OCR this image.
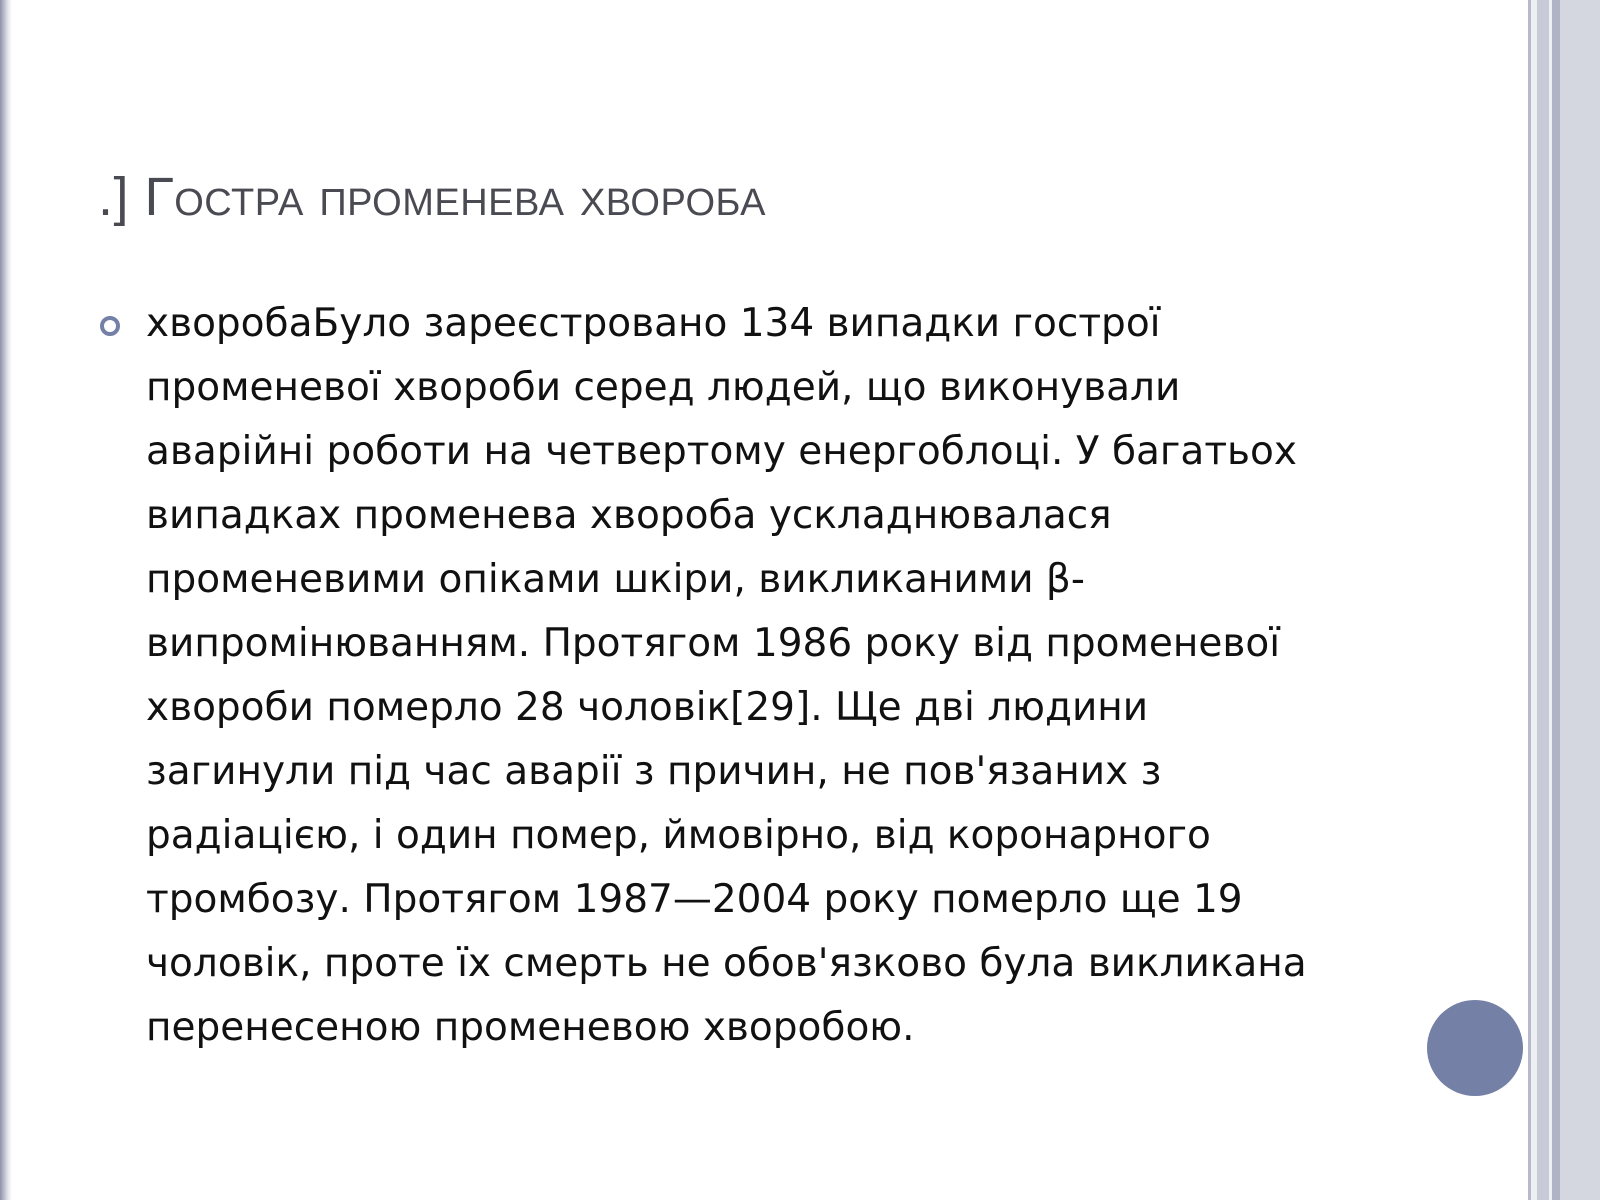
.] Гостра променева хвороба

хворобаБуло зареєстровано 134 випадки гострої променевої хвороби серед людей, що виконували аварійні роботи на четвертому енергоблоці. У багатьох випадках променева хвороба ускладнювалася променевими опіками шкіри, викликаними β-випромінюванням. Протягом 1986 року від променевої хвороби померло 28 чоловік[29]. Ще дві людини загинули під час аварії з причин, не пов'язаних з радіацією, і один помер, ймовірно, від коронарного тромбозу. Протягом 1987—2004 року померло ще 19 чоловік, проте їх смерть не обов'язково була викликана перенесеною променевою хворобою.
